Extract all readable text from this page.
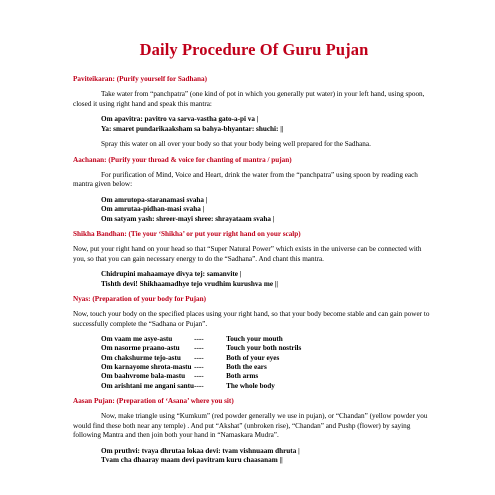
Daily Procedure Of Guru Pujan
Paviteikaran: (Purify yourself for Sadhana)
Take water from “panchpatra” (one kind of pot in which you generally put water) in your left hand, using spoon, closed it using right hand and speak this mantra:
Om apavitra: pavitro va sarva-vastha gato-a-pi va |
Ya: smaret pundarikaaksham sa bahya-bhyantar: shuchi: ||
Spray this water on all over your body so that your body being well prepared for the Sadhana.
Aachanan: (Purify your throad & voice for chanting of mantra / pujan)
For purification of Mind, Voice and Heart, drink the water from the “panchpatra” using spoon by reading each mantra given below:
Om amrutopa-staranamasi svaha |
Om amrutaa-pidhan-masi svaha |
Om satyam yash: shreer-mayi shree: shrayataam svaha |
Shikha Bandhan: (Tie your ‘Shikha’ or put your right hand on your scalp)
Now, put your right hand on your head so that “Super Natural Power” which exists in the universe can be connected with you, so that you can gain necessary energy to do the “Sadhana”. And chant this mantra.
Chidrupini mahaamaye divya tej: samanvite |
Tishth devi! Shikhaamadhye tejo vrudhim kurushva me ||
Nyas: (Preparation of your body for Pujan)
Now, touch your body on the specified places using your right hand, so that your body become stable and can gain power to successfully complete the “Sadhana or Pujan”.
Om vaam me asye-astu	----	Touch your mouth
Om nasorme praano-astu	----	Touch your both nostrils
Om chakshurme tejo-astu	----	Both of your eyes
Om karnayome shrota-mastu	----	Both the ears
Om baahvrome bala-mastu	----	Both arms
Om arishtani me angani santu	----	The whole body
Aasan Pujan: (Preparation of ‘Asana’ where you sit)
Now, make triangle using “Kumkum” (red powder generally we use in pujan), or “Chandan” (yellow powder you would find these both near any temple) . And put “Akshat” (unbroken rise), “Chandan” and Pushp (flower) by saying following Mantra and then join both your hand in “Namaskara Mudra”.
Om pruthvi: tvaya dhrutaa lokaa devi: tvam vishnuaam dhruta |
Tvam cha dhaaray maam devi pavitram kuru chaasanam ||
